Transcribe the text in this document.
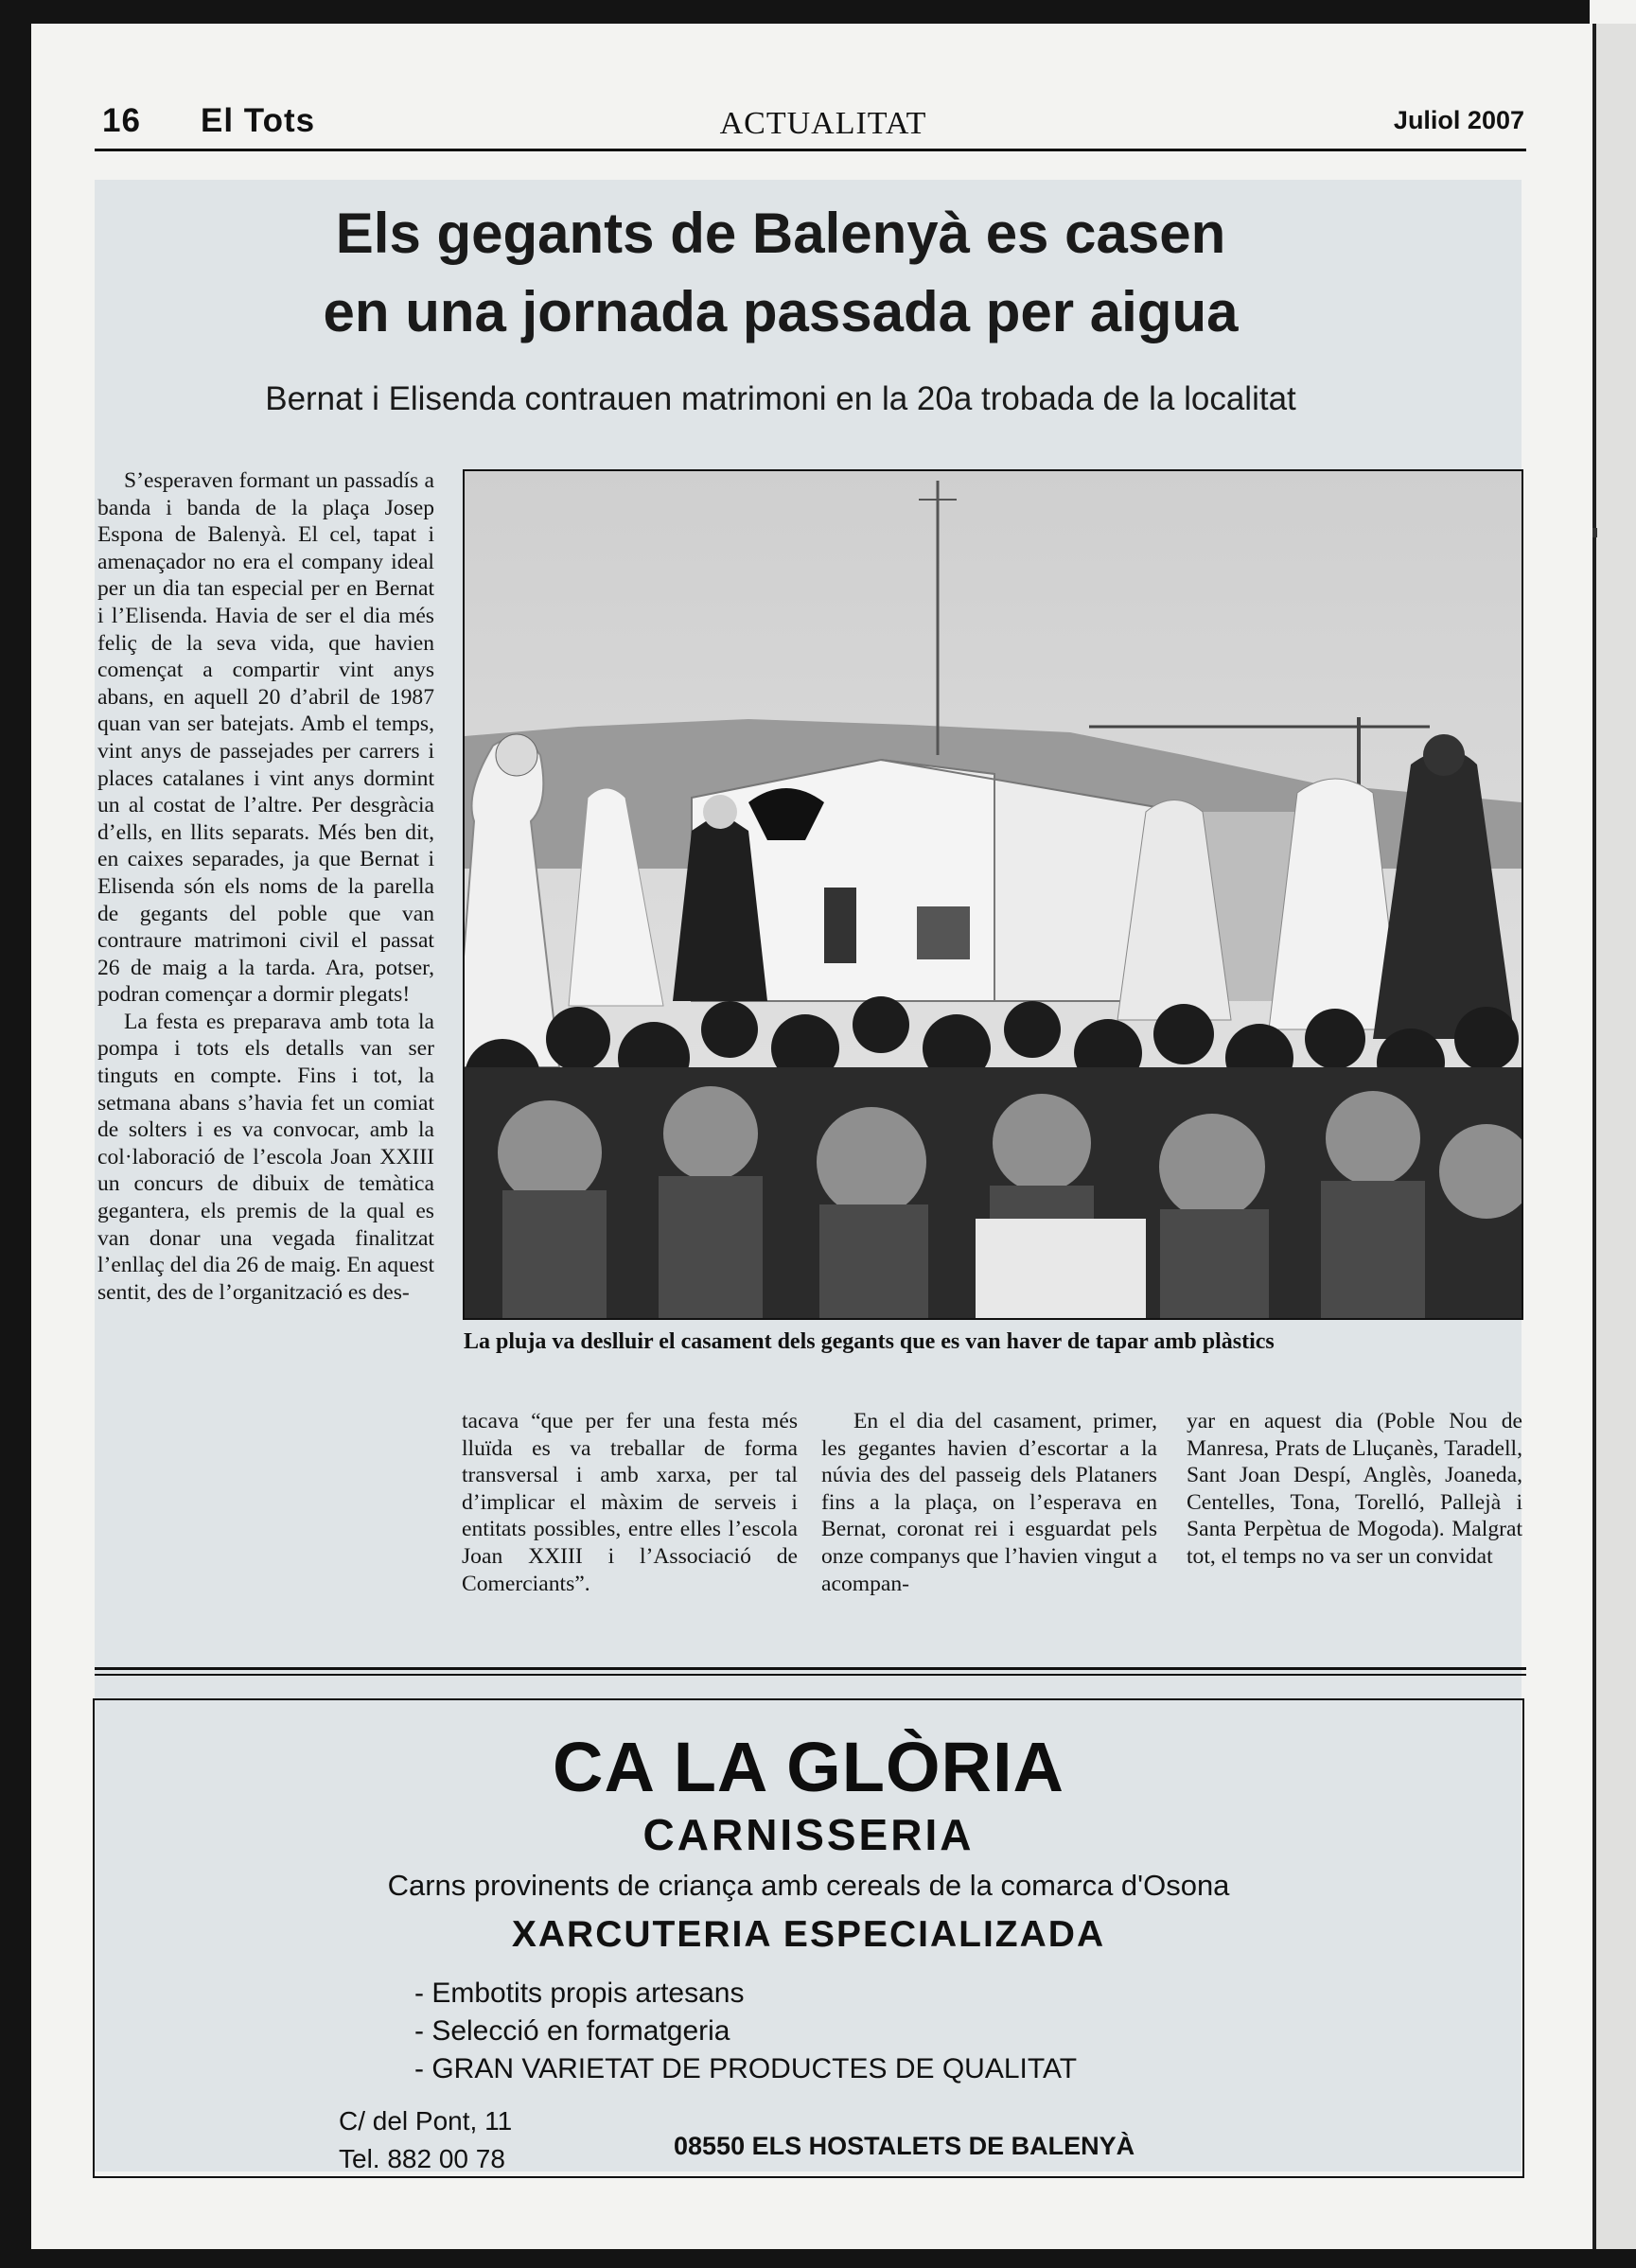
16 El Tots	ACTUALITAT	Juliol 2007
Els gegants de Balenyà es casen
en una jornada passada per aigua
Bernat i Elisenda contrauen matrimoni en la 20a trobada de la localitat

S’esperaven formant un passadís a banda i banda de la plaça Josep Espona de Balenyà. El cel, tapat i amenaçador no era el company ideal per un dia tan especial per en Bernat i l’Elisenda. Havia de ser el dia més feliç de la seva vida, que havien començat a compartir vint anys abans, en aquell 20 d’abril de 1987 quan van ser batejats. Amb el temps, vint anys de passejades per carrers i places catalanes i vint anys dormint un al costat de l’altre. Per desgràcia d’ells, en llits separats. Més ben dit, en caixes separades, ja que Bernat i Elisenda són els noms de la parella de gegants del poble que van contraure matrimoni civil el passat 26 de maig a la tarda. Ara, potser, podran començar a dormir plegats!

La festa es preparava amb tota la pompa i tots els detalls van ser tinguts en compte. Fins i tot, la setmana abans s’havia fet un comiat de solters i es va convocar, amb la col·laboració de l’escola Joan XXIII un concurs de dibuix de temàtica gegantera, els premis de la qual es van donar una vegada finalitzat l’enllaç del dia 26 de maig. En aquest sentit, des de l’organització es des-

La pluja va deslluir el casament dels gegants que es van haver de tapar amb plàstics

tacava “que per fer una festa més lluïda es va treballar de forma transversal i amb xarxa, per tal d’implicar el màxim de serveis i entitats possibles, entre elles l’escola Joan XXIII i l’Associació de Comerciants”.

En el dia del casament, primer, les gegantes havien d’escortar a la núvia des del passeig dels Plataners fins a la plaça, on l’esperava en Bernat, coronat rei i esguardat pels onze companys que l’havien vingut a acompan-

yar en aquest dia (Poble Nou de Manresa, Prats de Lluçanès, Taradell, Sant Joan Despí, Anglès, Joaneda, Centelles, Tona, Torelló, Pallejà i Santa Perpètua de Mogoda). Malgrat tot, el temps no va ser un convidat

CA LA GLÒRIA
CARNISSERIA
Carns provinents de criança amb cereals de la comarca d'Osona
XARCUTERIA ESPECIALIZADA
- Embotits propis artesans
- Selecció en formatgeria
- GRAN VARIETAT DE PRODUCTES DE QUALITAT
C/ del Pont, 11
Tel. 882 00 78	08550 ELS HOSTALETS DE BALENYÀ
